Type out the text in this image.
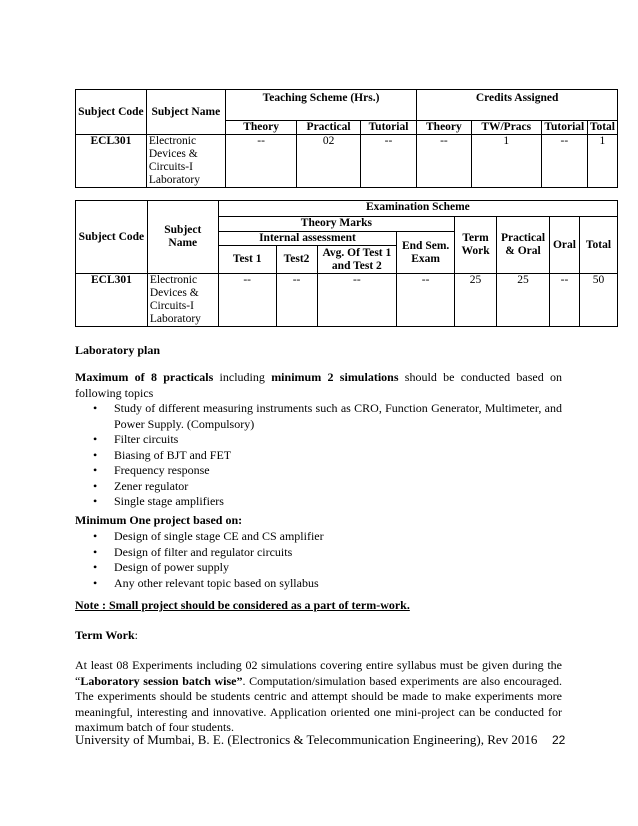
Subject Code	Subject Name	Teaching Scheme (Hrs.)			Credits Assigned			
		Theory	Practical	Tutorial	Theory	TW/Pracs	Tutorial	Total
ECL301	Electronic Devices & Circuits-I Laboratory	--	02	--	--	1	--	1
Subject Code	Subject Name	Examination Scheme							
		Theory Marks				Term Work	Practical & Oral	Oral	Total
		Internal assessment			End Sem. Exam				
		Test 1	Test2	Avg. Of Test 1 and Test 2					
ECL301	Electronic Devices & Circuits-I Laboratory	--	--	--	--	25	25	--	50
Laboratory plan
Maximum of 8 practicals including minimum 2 simulations should be conducted based on following topics
• Study of different measuring instruments such as CRO, Function Generator, Multimeter, and Power Supply. (Compulsory)
• Filter circuits
• Biasing of BJT and FET
• Frequency response
• Zener regulator
• Single stage amplifiers
Minimum One project based on:
• Design of single stage CE and CS amplifier
• Design of filter and regulator circuits
• Design of power supply
• Any other relevant topic based on syllabus
Note : Small project should be considered as a part of term-work.
Term Work:
At least 08 Experiments including 02 simulations covering entire syllabus must be given during the “Laboratory session batch wise”. Computation/simulation based experiments are also encouraged. The experiments should be students centric and attempt should be made to make experiments more meaningful, interesting and innovative. Application oriented one mini-project can be conducted for maximum batch of four students.
University of Mumbai, B. E. (Electronics & Telecommunication Engineering), Rev 2016 22
